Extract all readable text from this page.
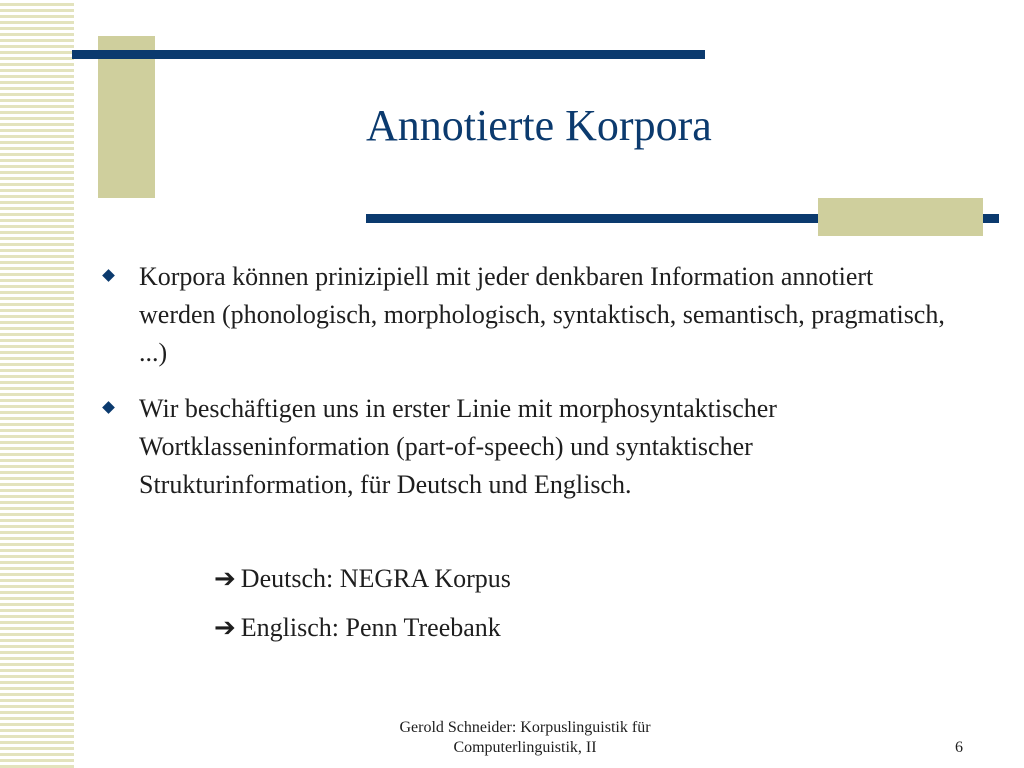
Annotierte Korpora
Korpora können prinizipiell mit jeder denkbaren Information annotiert werden (phonologisch, morphologisch, syntaktisch, semantisch, pragmatisch, ...)
Wir beschäftigen uns in erster Linie mit morphosyntaktischer Wortklasseninformation (part-of-speech) und syntaktischer Strukturinformation, für Deutsch und Englisch.
➔ Deutsch: NEGRA Korpus
➔ Englisch: Penn Treebank
Gerold Schneider: Korpuslinguistik für
Computerlinguistik, II	6
